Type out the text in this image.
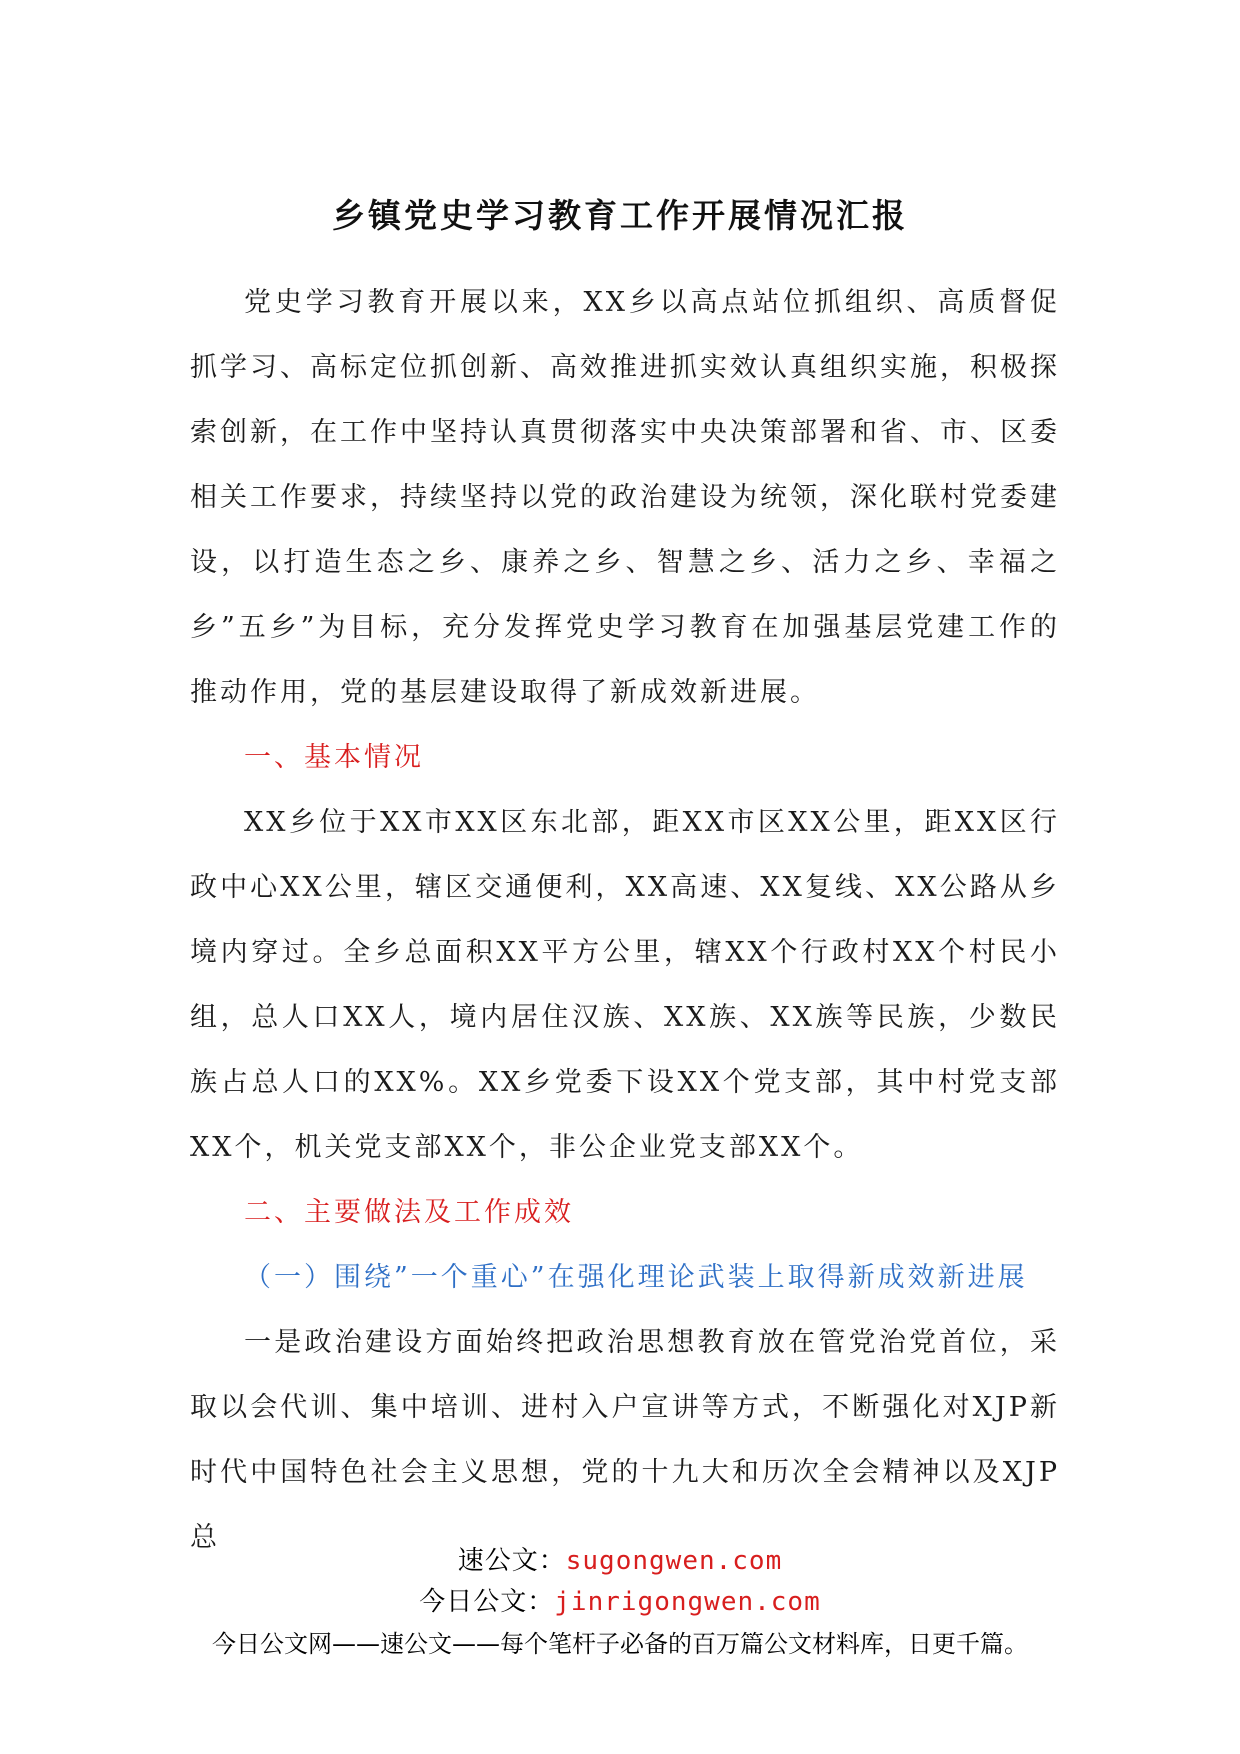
乡镇党史学习教育工作开展情况汇报

党史学习教育开展以来，XX乡以高点站位抓组织、高质督促抓学习、高标定位抓创新、高效推进抓实效认真组织实施，积极探索创新，在工作中坚持认真贯彻落实中央决策部署和省、市、区委相关工作要求，持续坚持以党的政治建设为统领，深化联村党委建设，以打造生态之乡、康养之乡、智慧之乡、活力之乡、幸福之乡”五乡”为目标，充分发挥党史学习教育在加强基层党建工作的推动作用，党的基层建设取得了新成效新进展。

一、基本情况

XX乡位于XX市XX区东北部，距XX市区XX公里，距XX区行政中心XX公里，辖区交通便利，XX高速、XX复线、XX公路从乡境内穿过。全乡总面积XX平方公里，辖XX个行政村XX个村民小组，总人口XX人，境内居住汉族、XX族、XX族等民族，少数民族占总人口的XX%。XX乡党委下设XX个党支部，其中村党支部XX个，机关党支部XX个，非公企业党支部XX个。

二、主要做法及工作成效

（一）围绕”一个重心”在强化理论武装上取得新成效新进展

一是政治建设方面始终把政治思想教育放在管党治党首位，采取以会代训、集中培训、进村入户宣讲等方式，不断强化对XJP新时代中国特色社会主义思想，党的十九大和历次全会精神以及XJP总

速公文：sugongwen.com
今日公文：jinrigongwen.com
今日公文网——速公文——每个笔杆子必备的百万篇公文材料库，日更千篇。
